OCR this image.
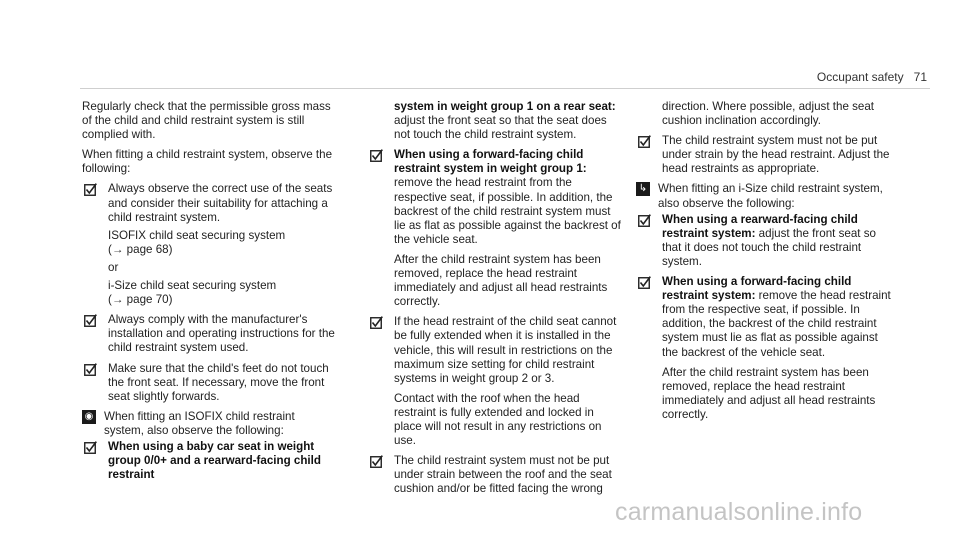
Occupant safety 71

Regularly check that the permissible gross mass of the child and child restraint system is still complied with.

When fitting a child restraint system, observe the following:

Always observe the correct use of the seats and consider their suitability for attaching a child restraint system.
ISOFIX child seat securing system
(→ page 68)
or
i-Size child seat securing system
(→ page 70)
Always comply with the manufacturer's installation and operating instructions for the child restraint system used.
Make sure that the child's feet do not touch the front seat. If necessary, move the front seat slightly forwards.
◉ When fitting an ISOFIX child restraint system, also observe the following:
When using a baby car seat in weight group 0/0+ and a rearward-facing child restraint
system in weight group 1 on a rear seat: adjust the front seat so that the seat does not touch the child restraint system.
When using a forward-facing child restraint system in weight group 1: remove the head restraint from the respective seat, if possible. In addition, the backrest of the child restraint system must lie as flat as possible against the backrest of the vehicle seat.
After the child restraint system has been removed, replace the head restraint immediately and adjust all head restraints correctly.
If the head restraint of the child seat cannot be fully extended when it is installed in the vehicle, this will result in restrictions on the maximum size setting for child restraint systems in weight group 2 or 3.
Contact with the roof when the head restraint is fully extended and locked in place will not result in any restrictions on use.
The child restraint system must not be put under strain between the roof and the seat cushion and/or be fitted facing the wrong
direction. Where possible, adjust the seat cushion inclination accordingly.
The child restraint system must not be put under strain by the head restraint. Adjust the head restraints as appropriate.
↳ When fitting an i-Size child restraint system, also observe the following:
When using a rearward-facing child restraint system: adjust the front seat so that it does not touch the child restraint system.
When using a forward-facing child restraint system: remove the head restraint from the respective seat, if possible. In addition, the backrest of the child restraint system must lie as flat as possible against the backrest of the vehicle seat.
After the child restraint system has been removed, replace the head restraint immediately and adjust all head restraints correctly.
carmanualsonline.info
